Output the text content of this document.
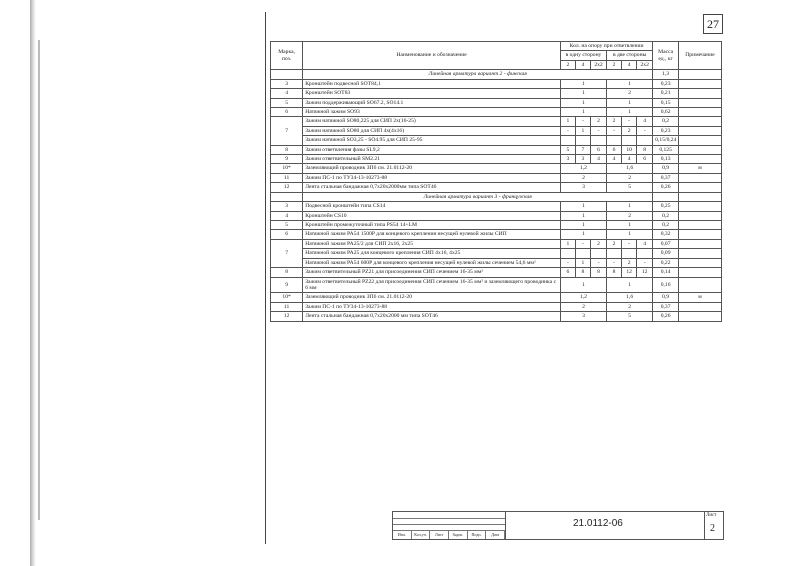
27
Марка, поз.	Наименование и обозначение	Кол. на опору при ответвлении						Масса ед., кг	Примечание
		в одну сторону			в две стороны				
		2	4	2х2	2	4	2х2		
	Линейная арматура вариант 2 - финская							1,3	
3	Кронштейн подвесной SOT84,1	1			1			0,23	
4	Кронштейн SOT83	1			2			0,21	
5	Зажим поддерживающий SO67.2, SO14.1	1			1			0,15	
6	Натяжной зажим SO93	1			1			0,62	
7	Зажим натяжной SO80,225 для СИП 2х(16-25)	1	-	2	2	-	4	0,2	
	Зажим натяжной SO80 для СИП 4х(4х16)	-	1	-	-	2	-	0,23	
	Зажим натяжной SO3,25 - SO4.95 для СИП 25-95							0,15/0,24	
8	Зажим ответвления фазы SL9,2	5	7	6	6	10	8	0,125	
9	Зажим ответвительный SM2.21	3	3	4	4	4	6	0,13	
10*	Заземляющий проводник ЗП6 см. 21.0112-20	1,2			1,6			0,9	м
11	Зажим ПС-1 по ТУ34-13-10273-88	2			2			0,37	
12	Лента стальная бандажная 0,7х20х2000мм типа SOT46	3			5			0,26	
	Линейная арматура вариант 3 - французская								
3	Подвесной кронштейн типа CS14	1			1			0,25	
4	Кронштейн CS10	1			2			0,2	
5	Кронштейн промежуточный типа PS54 14+LM	1			1			0,2	
6	Натяжной зажим PA54 1500P для концевого крепления несущей нулевой жилы СИП	1			1			0,32	
7	Натяжной зажим PA25/2 для СИП 2х16, 2х25	1	-	2	2	-	4	0,07	
	Натяжной зажим PA25 для концевого крепления СИП 4х16, 4х25							0,09	
	Натяжной зажим PA54 600P для концевого крепления несущей нулевой жилы сечением 54,6 мм²	-	1	-	-	2	-	0,22	
8	Зажим ответвительный PZ21 для присоединения СИП сечением 16-35 мм²	6	8	8	8	12	12	0,14	
9	Зажим ответвительный PZ22 для присоединения СИП сечением 16-35 мм² и заземляющего проводника с 6 мм	1			1			0,16	
10*	Заземляющий проводник ЗП6 см. 21.0112-20	1,2			1,6			0,9	м
11	Зажим ПС-1 по ТУ34-13-10273-88	2			2			0,37	
12	Лента стальная бандажная 0,7х20х2000 мм типа SOT46	3			5			0,26	
Изм.	Кол.уч.	Лист	№док.	Подп.	Дата
21.0112-06
Лист
2
